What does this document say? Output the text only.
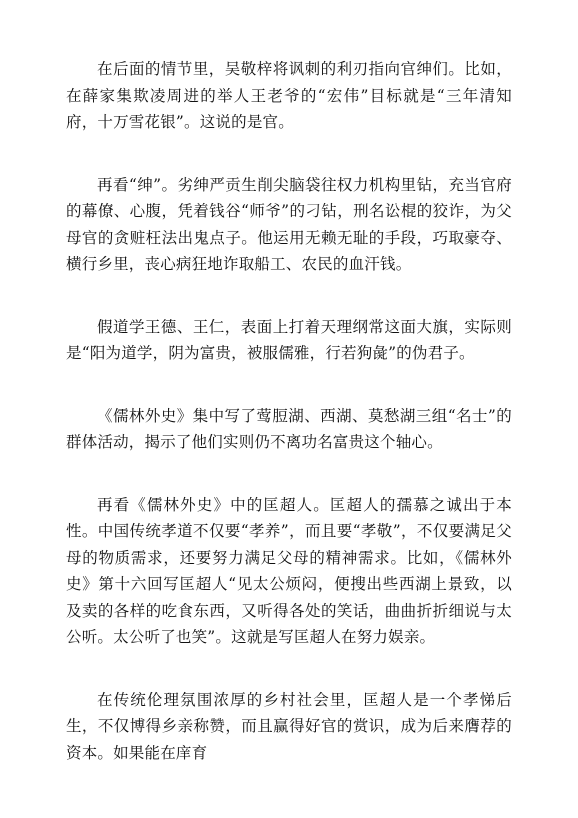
在后面的情节里，吴敬梓将讽刺的利刃指向官绅们。比如，在薛家集欺凌周进的举人王老爷的“宏伟”目标就是“三年清知府，十万雪花银”。这说的是官。

再看“绅”。劣绅严贡生削尖脑袋往权力机构里钻，充当官府的幕僚、心腹，凭着钱谷“师爷”的刁钻，刑名讼棍的狡诈，为父母官的贪赃枉法出鬼点子。他运用无赖无耻的手段，巧取豪夺、横行乡里，丧心病狂地诈取船工、农民的血汗钱。

假道学王德、王仁，表面上打着天理纲常这面大旗，实际则是“阳为道学，阴为富贵，被服儒雅，行若狗彘”的伪君子。

《儒林外史》集中写了莺脰湖、西湖、莫愁湖三组“名士”的群体活动，揭示了他们实则仍不离功名富贵这个轴心。

再看《儒林外史》中的匡超人。匡超人的孺慕之诚出于本性。中国传统孝道不仅要“孝养”，而且要“孝敬”，不仅要满足父母的物质需求，还要努力满足父母的精神需求。比如，《儒林外史》第十六回写匡超人“见太公烦闷，便搜出些西湖上景致，以及卖的各样的吃食东西，又听得各处的笑话，曲曲折折细说与太公听。太公听了也笑”。这就是写匡超人在努力娱亲。

在传统伦理氛围浓厚的乡村社会里，匡超人是一个孝悌后生，不仅博得乡亲称赞，而且赢得好官的赏识，成为后来膺荐的资本。如果能在庠育
